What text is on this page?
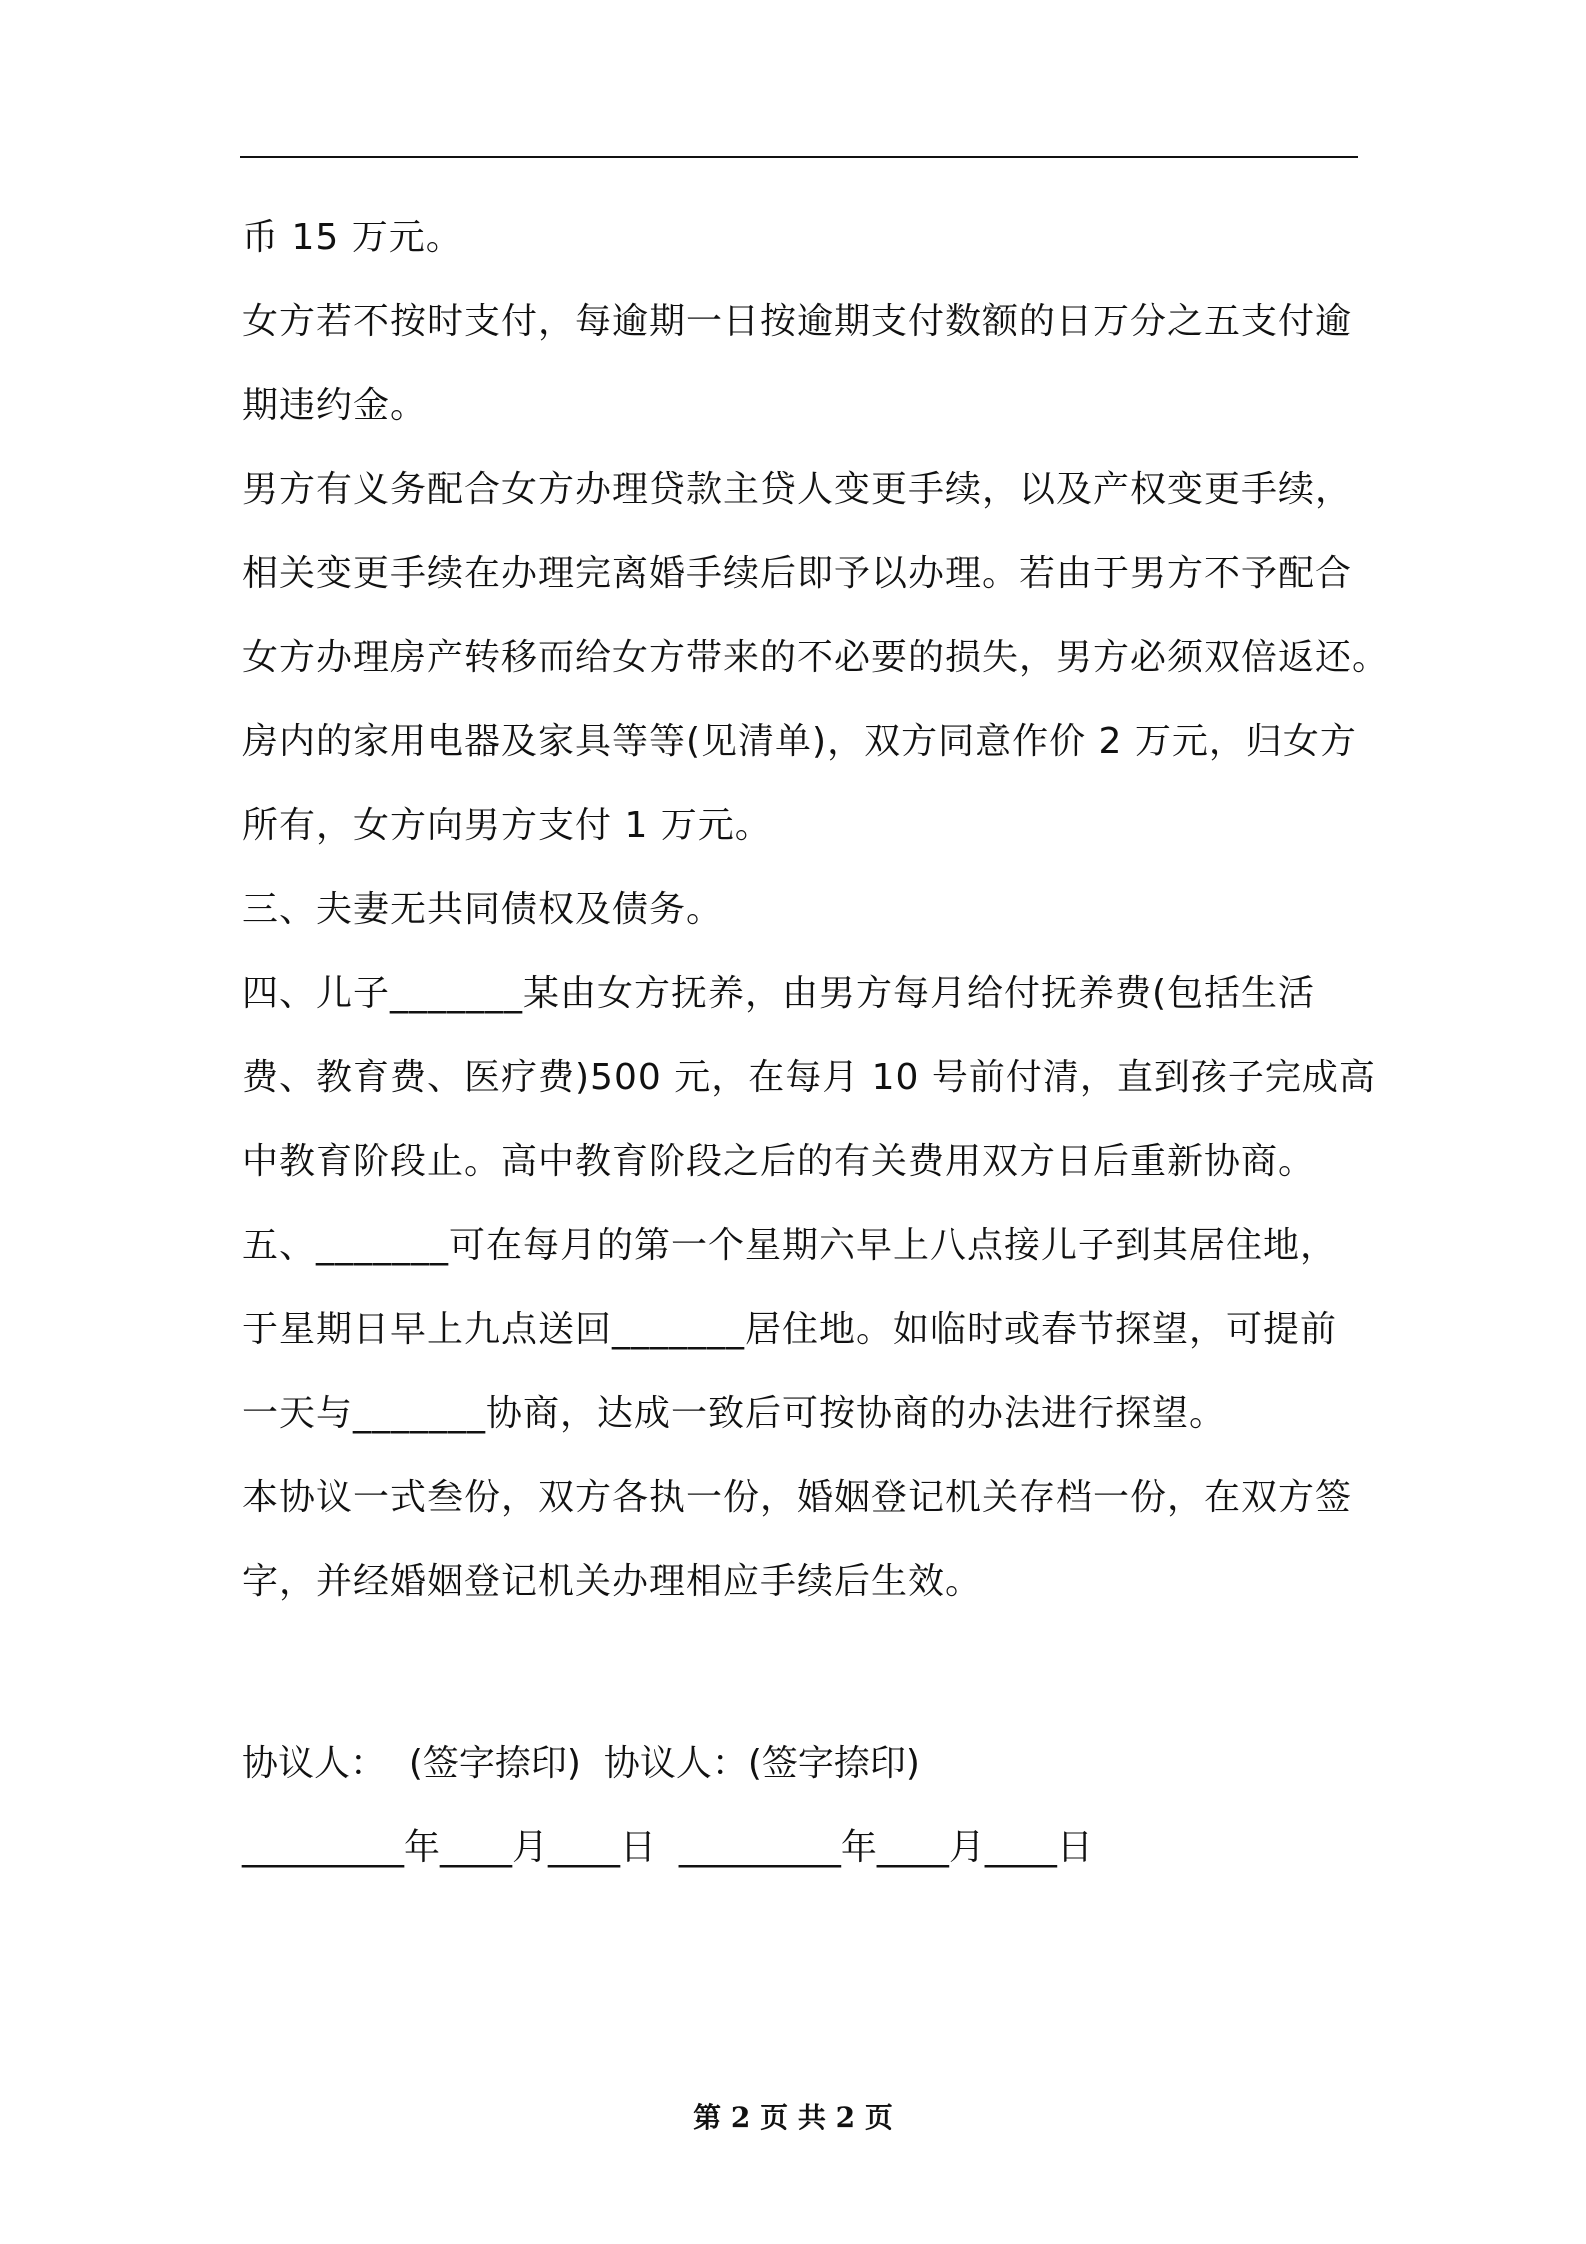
币 15 万元。
女方若不按时支付，每逾期一日按逾期支付数额的日万分之五支付逾
期违约金。
男方有义务配合女方办理贷款主贷人变更手续，以及产权变更手续，
相关变更手续在办理完离婚手续后即予以办理。若由于男方不予配合
女方办理房产转移而给女方带来的不必要的损失，男方必须双倍返还。
房内的家用电器及家具等等(见清单)，双方同意作价 2 万元，归女方
所有，女方向男方支付 1 万元。
三、夫妻无共同债权及债务。
四、儿子_______某由女方抚养，由男方每月给付抚养费(包括生活
费、教育费、医疗费)500 元，在每月 10 号前付清，直到孩子完成高
中教育阶段止。高中教育阶段之后的有关费用双方日后重新协商。
五、_______可在每月的第一个星期六早上八点接儿子到其居住地，
于星期日早上九点送回_______居住地。如临时或春节探望，可提前
一天与_______协商，达成一致后可按协商的办法进行探望。
本协议一式叁份，双方各执一份，婚姻登记机关存档一份，在双方签
字，并经婚姻登记机关办理相应手续后生效。
协议人：  (签字捺印)  协议人：(签字捺印)
_________年____月____日  _________年____月____日
第 2 页 共 2 页
